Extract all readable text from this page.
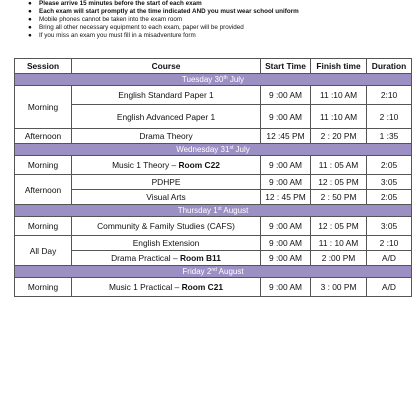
● Please arrive 15 minutes before the start of each exam
● Each exam will start promptly at the time indicated AND you must wear school uniform
● Mobile phones cannot be taken into the exam room
● Bring all other necessary equipment to each exam, paper will be provided
● If you miss an exam you must fill in a misadventure form
Session	Course	Start Time	Finish time	Duration
Tuesday 30th July				
Morning	English Standard Paper 1	9 :00 AM	11 :10 AM	2:10
	English Advanced Paper 1	9 :00 AM	11 :10 AM	2 :10
Afternoon	Drama Theory	12 :45 PM	2 : 20 PM	1 :35
Wednesday 31st July				
Morning	Music 1 Theory – Room C22	9 :00 AM	11 : 05 AM	2:05
Afternoon	PDHPE	9 :00 AM	12 : 05 PM	3:05
	Visual Arts	12 : 45 PM	2 : 50 PM	2:05
Thursday 1st August				
Morning	Community & Family Studies (CAFS)	9 :00 AM	12 : 05 PM	3:05
All Day	English Extension	9 :00 AM	11 : 10 AM	2 :10
	Drama Practical – Room B11	9 :00 AM	2 :00 PM	A/D
Friday 2nd August				
Morning	Music 1 Practical – Room C21	9 :00 AM	3 : 00 PM	A/D
